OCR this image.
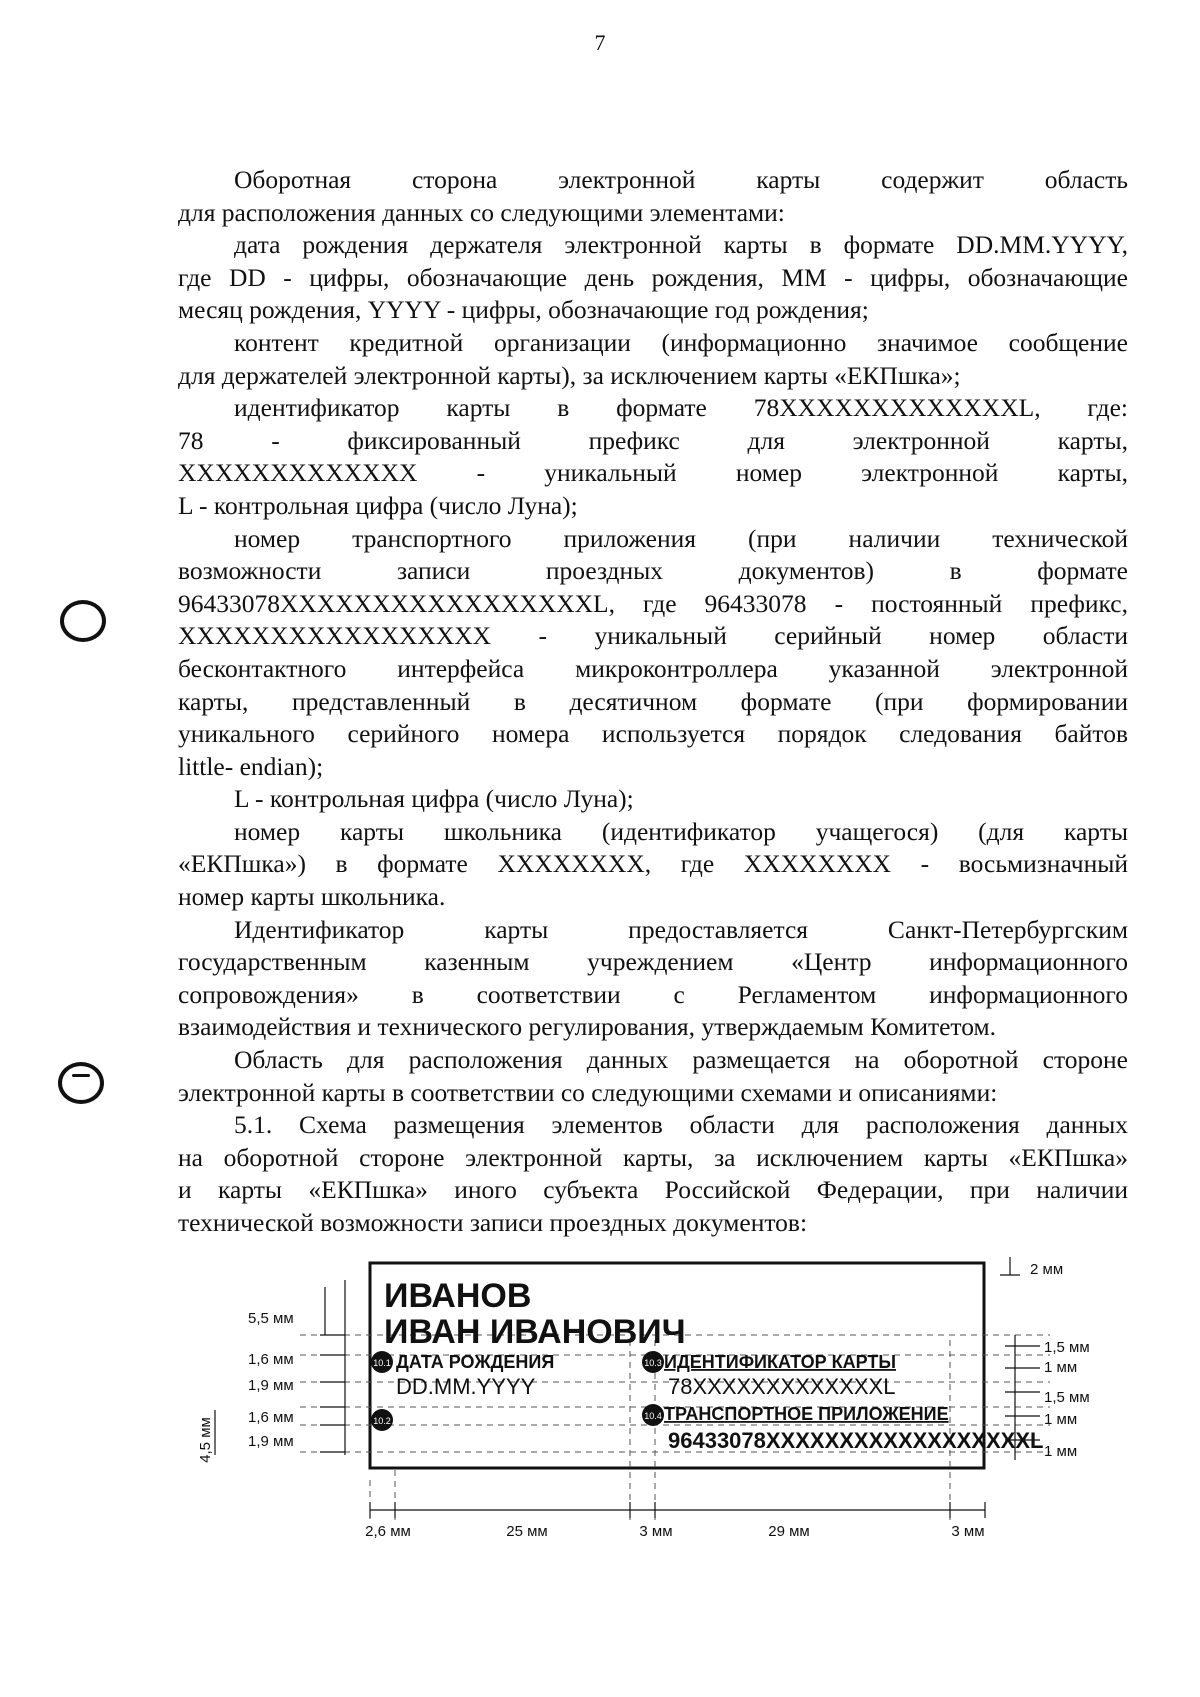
7

Оборотная сторона электронной карты содержит область

для расположения данных со следующими элементами:

дата рождения держателя электронной карты в формате DD.MM.YYYY,

где DD - цифры, обозначающие день рождения, MM - цифры, обозначающие

месяц рождения, YYYY - цифры, обозначающие год рождения;

контент кредитной организации (информационно значимое сообщение

для держателей электронной карты), за исключением карты «ЕКПшка»;

идентификатор карты в формате 78XXXXXXXXXXXXXL, где:

78 - фиксированный префикс для электронной карты,

XXXXXXXXXXXXX - уникальный номер электронной карты,

L - контрольная цифра (число Луна);

номер транспортного приложения (при наличии технической

возможности записи проездных документов) в формате

96433078XXXXXXXXXXXXXXXXXL, где 96433078 - постоянный префикс,

XXXXXXXXXXXXXXXXX - уникальный серийный номер области

бесконтактного интерфейса микроконтроллера указанной электронной

карты, представленный в десятичном формате (при формировании

уникального серийного номера используется порядок следования байтов

little- endian);

L - контрольная цифра (число Луна);

номер карты школьника (идентификатор учащегося) (для карты

«ЕКПшка») в формате XXXXXXXX, где XXXXXXXX - восьмизначный

номер карты школьника.

Идентификатор карты предоставляется Санкт-Петербургским

государственным казенным учреждением «Центр информационного

сопровождения» в соответствии с Регламентом информационного

взаимодействия и технического регулирования, утверждаемым Комитетом.

Область для расположения данных размещается на оборотной стороне

электронной карты в соответствии со следующими схемами и описаниями:

5.1. Схема размещения элементов области для расположения данных

на оборотной стороне электронной карты, за исключением карты «ЕКПшка»

и карты «ЕКПшка» иного субъекта Российской Федерации, при наличии

технической возможности записи проездных документов:

ИВАНОВ
ИВАН ИВАНОВИЧ
ДАТА РОЖДЕНИЯ
DD.MM.YYYY
ИДЕНТИФИКАТОР КАРТЫ
78XXXXXXXXXXXXXL
ТРАНСПОРТНОЕ ПРИЛОЖЕНИЕ
96433078XXXXXXXXXXXXXXXXXXL
10.1
10.2
10.3
10.4
5,5 мм
1,6 мм
1,9 мм
1,6 мм
1,9 мм
4,5 мм
2 мм
1,5 мм
1 мм
1,5 мм
1 мм
1 мм
2,6 мм	25 мм	3 мм	29 мм	3 мм
